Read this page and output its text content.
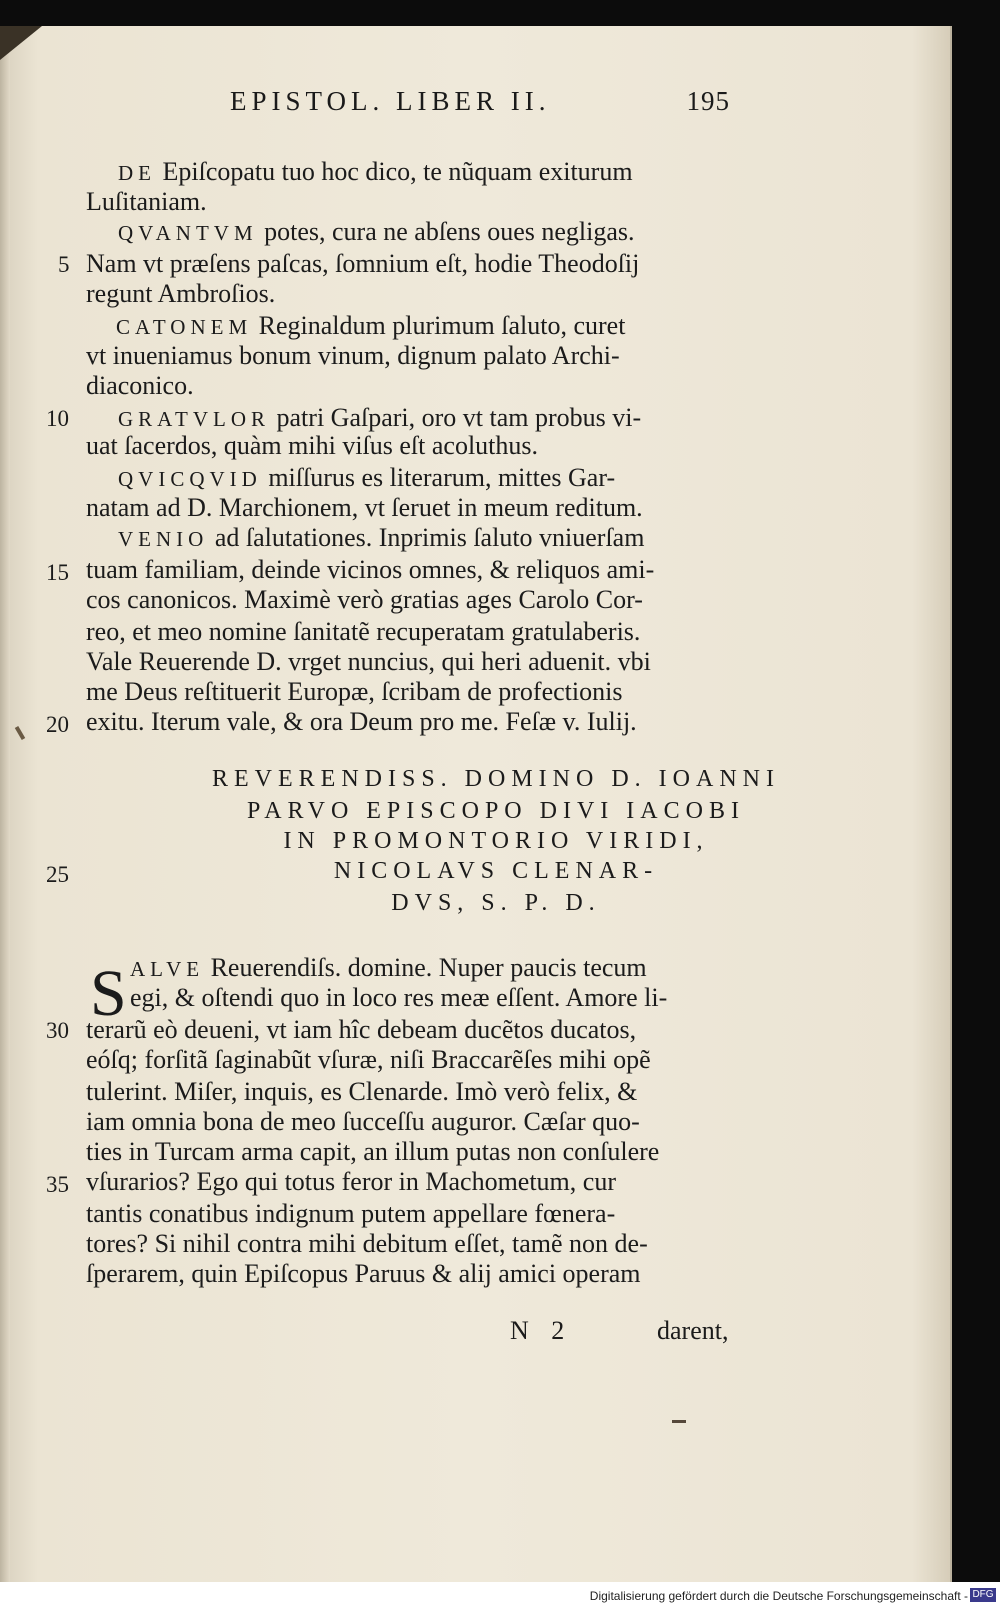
EPISTOL. LIBER II.	195
DE Epiſcopatu tuo hoc dico, te nũquam exiturum
Luſitaniam.
QVANTVM potes, cura ne abſens oues negligas.
Nam vt præſens paſcas, ſomnium eſt, hodie Theodoſij
regunt Ambroſios.
CATONEM Reginaldum plurimum ſaluto, curet
vt inueniamus bonum vinum, dignum palato Archi-
diaconico.
GRATVLOR patri Gaſpari, oro vt tam probus vi-
uat ſacerdos, quàm mihi viſus eſt acoluthus.
QVICQVID miſſurus es literarum, mittes Gar-
natam ad D. Marchionem, vt ſeruet in meum reditum.
VENIO ad ſalutationes. Inprimis ſaluto vniuerſam
tuam familiam, deinde vicinos omnes, & reliquos ami-
cos canonicos. Maximè verò gratias ages Carolo Cor-
reo, et meo nomine ſanitatẽ recuperatam gratulaberis.
Vale Reuerende D. vrget nuncius, qui heri aduenit. vbi
me Deus reſtituerit Europæ, ſcribam de profectionis
exitu. Iterum vale, & ora Deum pro me. Feſæ v. Iulij.
REVERENDISS. DOMINO D. IOANNI
PARVO EPISCOPO DIVI IACOBI
IN PROMONTORIO VIRIDI,
NICOLAVS CLENAR-
DVS, S. P. D.
S ALVE Reuerendiſs. domine. Nuper paucis tecum
egi, & oſtendi quo in loco res meæ eſſent. Amore li-
terarũ eò deueni, vt iam hîc debeam ducẽtos ducatos,
eóſq; forſitã ſaginabũt vſuræ, niſi Braccarẽſes mihi opẽ
tulerint. Miſer, inquis, es Clenarde. Imò verò felix, &
iam omnia bona de meo ſucceſſu auguror. Cæſar quo-
ties in Turcam arma capit, an illum putas non conſulere
vſurarios? Ego qui totus feror in Machometum, cur
tantis conatibus indignum putem appellare fœnera-
tores? Si nihil contra mihi debitum eſſet, tamẽ non de-
ſperarem, quin Epiſcopus Paruus & alij amici operam
5
10
15
20
25
30
35
N 2	darent,
Digitalisierung gefördert durch die Deutsche Forschungsgemeinschaft - DFG
